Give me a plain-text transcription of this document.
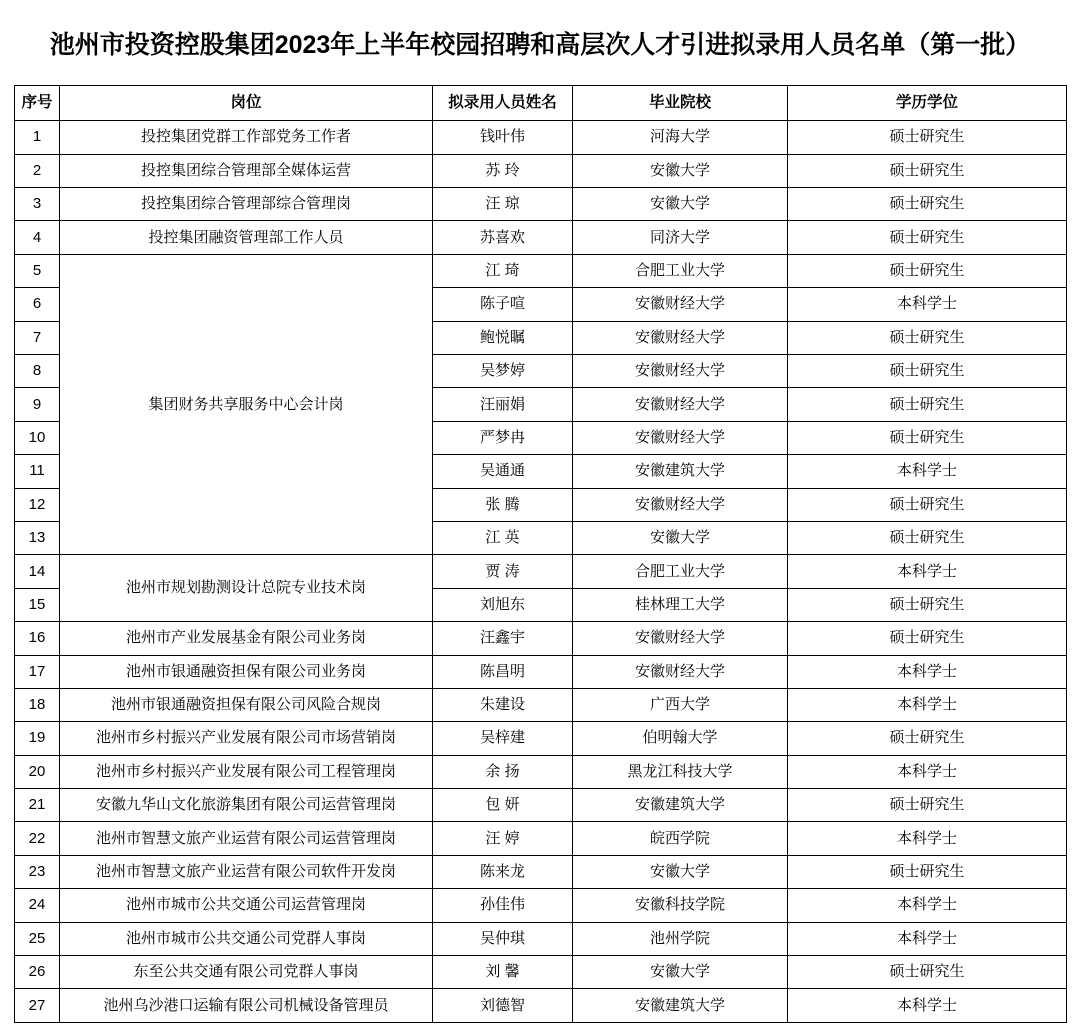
池州市投资控股集团2023年上半年校园招聘和高层次人才引进拟录用人员名单（第一批）
序号	岗位	拟录用人员姓名	毕业院校	学历学位
1	投控集团党群工作部党务工作者	钱叶伟	河海大学	硕士研究生
2	投控集团综合管理部全媒体运营	苏 玲	安徽大学	硕士研究生
3	投控集团综合管理部综合管理岗	汪 琼	安徽大学	硕士研究生
4	投控集团融资管理部工作人员	苏喜欢	同济大学	硕士研究生
5	集团财务共享服务中心会计岗	江 琦	合肥工业大学	硕士研究生
6		陈子喧	安徽财经大学	本科学士
7		鲍悦瞩	安徽财经大学	硕士研究生
8		吴梦婷	安徽财经大学	硕士研究生
9		汪丽娟	安徽财经大学	硕士研究生
10		严梦冉	安徽财经大学	硕士研究生
11		吴通通	安徽建筑大学	本科学士
12		张 腾	安徽财经大学	硕士研究生
13		江 英	安徽大学	硕士研究生
14	池州市规划勘测设计总院专业技术岗	贾 涛	合肥工业大学	本科学士
15		刘旭东	桂林理工大学	硕士研究生
16	池州市产业发展基金有限公司业务岗	汪鑫宇	安徽财经大学	硕士研究生
17	池州市银通融资担保有限公司业务岗	陈昌明	安徽财经大学	本科学士
18	池州市银通融资担保有限公司风险合规岗	朱建设	广西大学	本科学士
19	池州市乡村振兴产业发展有限公司市场营销岗	吴梓建	伯明翰大学	硕士研究生
20	池州市乡村振兴产业发展有限公司工程管理岗	余 扬	黑龙江科技大学	本科学士
21	安徽九华山文化旅游集团有限公司运营管理岗	包 妍	安徽建筑大学	硕士研究生
22	池州市智慧文旅产业运营有限公司运营管理岗	汪 婷	皖西学院	本科学士
23	池州市智慧文旅产业运营有限公司软件开发岗	陈来龙	安徽大学	硕士研究生
24	池州市城市公共交通公司运营管理岗	孙佳伟	安徽科技学院	本科学士
25	池州市城市公共交通公司党群人事岗	吴仲琪	池州学院	本科学士
26	东至公共交通有限公司党群人事岗	刘 馨	安徽大学	硕士研究生
27	池州乌沙港口运输有限公司机械设备管理员	刘德智	安徽建筑大学	本科学士
